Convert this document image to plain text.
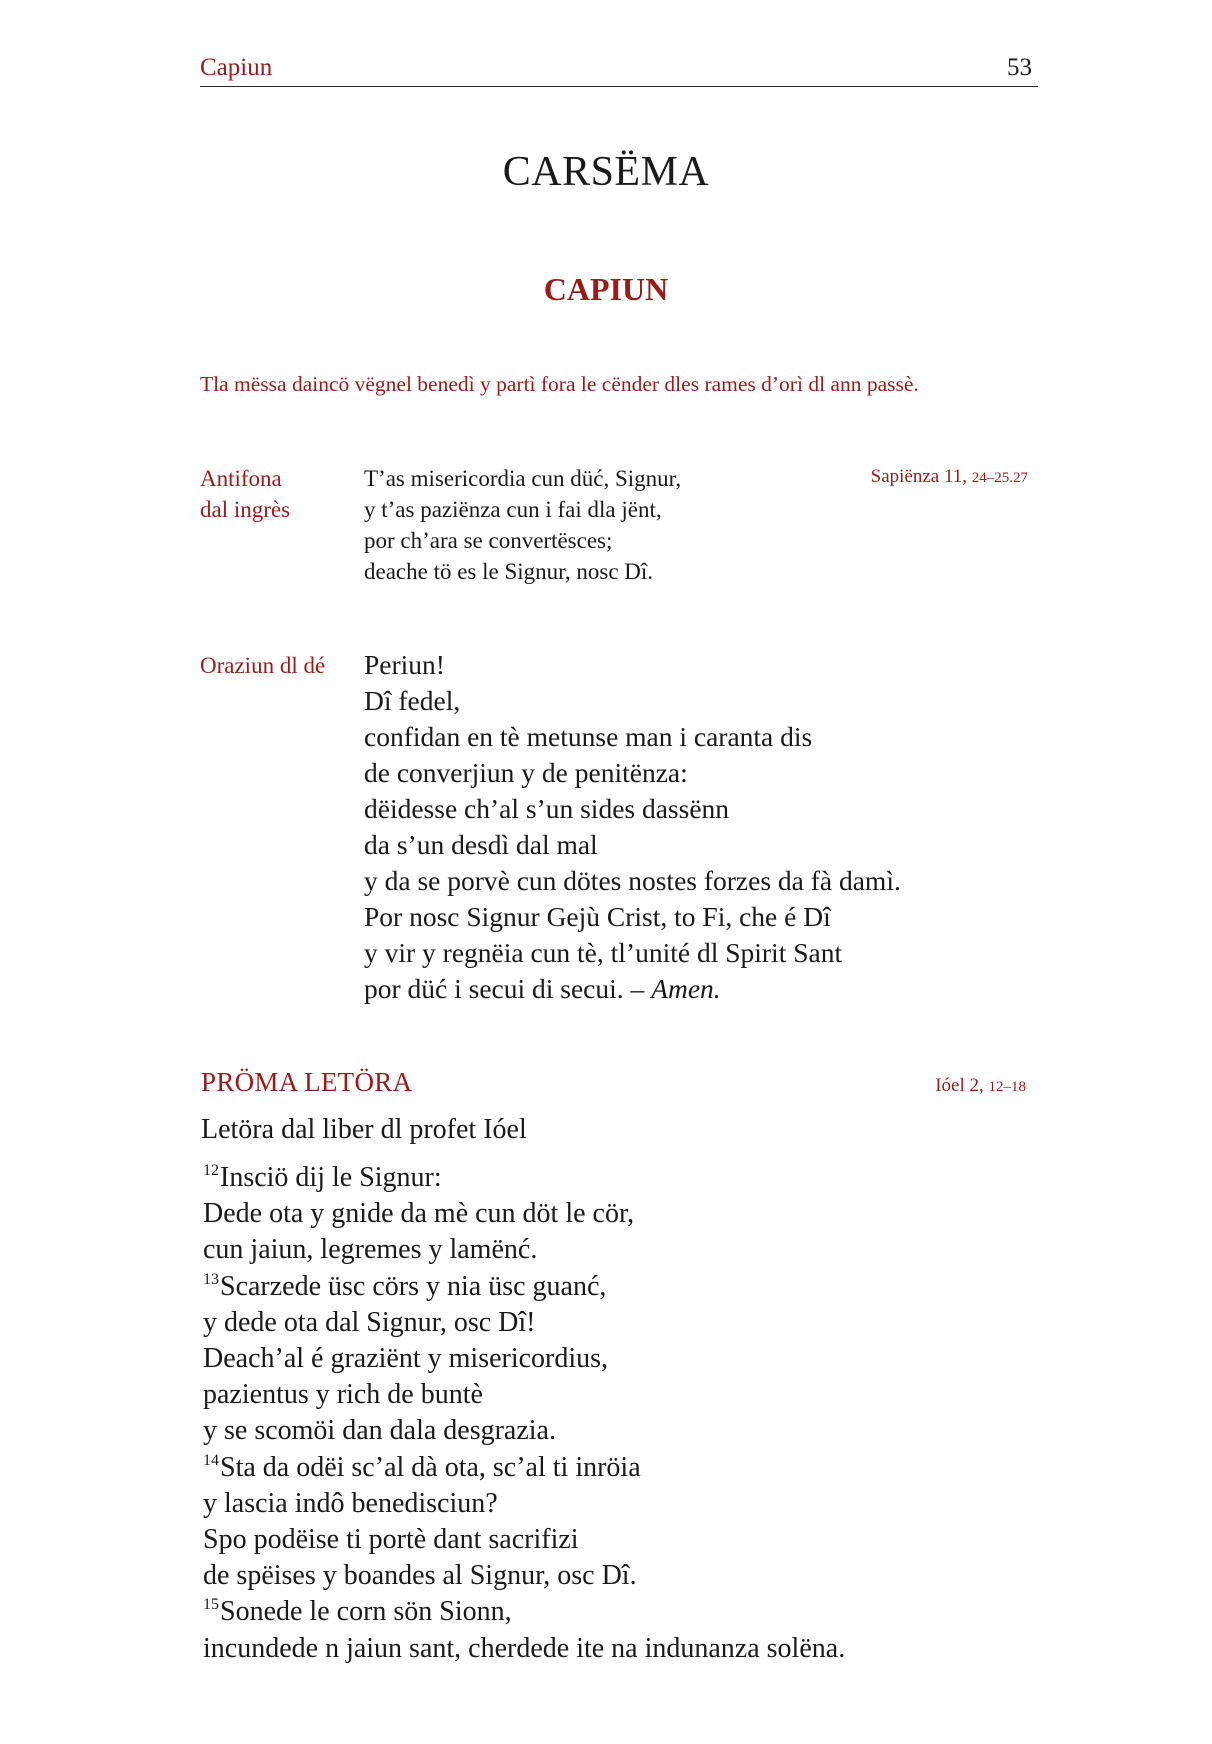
Capiun	53
CARSËMA
CAPIUN
Tla mëssa daincö vëgnel benedì y partì fora le cënder dles rames d’orì dl ann passè.
Antifona
dal ingrès
T’as misericordia cun düć, Signur,
y t’as paziënza cun i fai dla jënt,
por ch’ara se convertësces;
deache tö es le Signur, nosc Dî.
Sapiënza 11, 24–25.27
Oraziun dl dé Periun!
Dî fedel,
confidan en tè metunse man i caranta dis
de converjiun y de penitënza:
dëidesse ch’al s’un sides dassënn
da s’un desdì dal mal
y da se porvè cun dötes nostes forzes da fà damì.
Por nosc Signur Gejù Crist, to Fi, che é Dî
y vir y regnëia cun tè, tl’unité dl Spirit Sant
por düć i secui di secui. – Amen.
PRÖMA LETÖRA	Ióel 2, 12–18
Letöra dal liber dl profet Ióel
$^{12}$Insciö dij le Signur:
Dede ota y gnide da mè cun döt le cör,
cun jaiun, legremes y lamënć.
$^{13}$Scarzede üsc cörs y nia üsc guanć,
y dede ota dal Signur, osc Dî!
Deach’al é graziënt y misericordius,
pazientus y rich de buntè
y se scomöi dan dala desgrazia.
$^{14}$Sta da odëi sc’al dà ota, sc’al ti inröia
y lascia indô benedisciun?
Spo podëise ti portè dant sacrifizi
de spëises y boandes al Signur, osc Dî.
$^{15}$Sonede le corn sön Sionn,
incundede n jaiun sant, cherdede ite na indunanza solëna.
